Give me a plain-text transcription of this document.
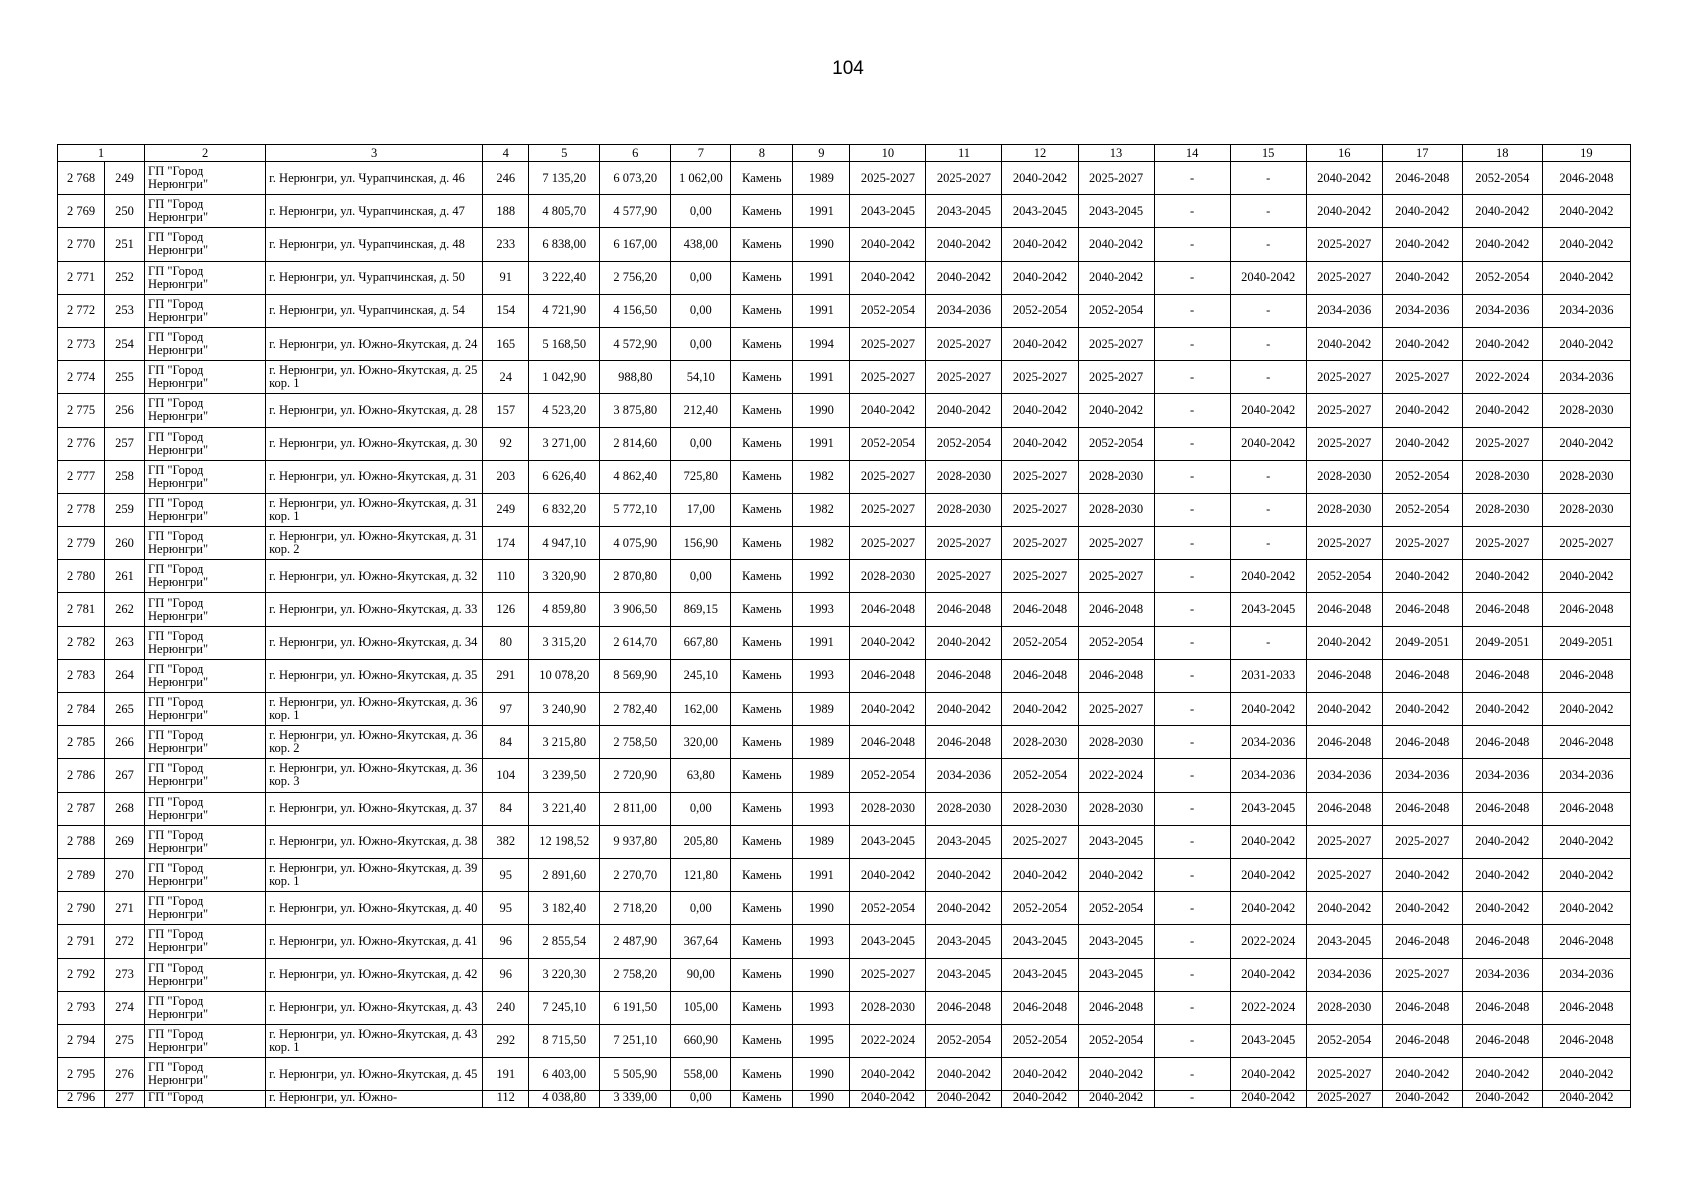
104
1		2	3	4	5	6	7	8	9	10	11	12	13	14	15	16	17	18	19
2 768	249	ГП "Город Нерюнгри"	г. Нерюнгри, ул. Чурапчинская, д. 46	246	7 135,20	6 073,20	1 062,00	Камень	1989	2025-2027	2025-2027	2040-2042	2025-2027	-	-	2040-2042	2046-2048	2052-2054	2046-2048
2 769	250	ГП "Город Нерюнгри"	г. Нерюнгри, ул. Чурапчинская, д. 47	188	4 805,70	4 577,90	0,00	Камень	1991	2043-2045	2043-2045	2043-2045	2043-2045	-	-	2040-2042	2040-2042	2040-2042	2040-2042
2 770	251	ГП "Город Нерюнгри"	г. Нерюнгри, ул. Чурапчинская, д. 48	233	6 838,00	6 167,00	438,00	Камень	1990	2040-2042	2040-2042	2040-2042	2040-2042	-	-	2025-2027	2040-2042	2040-2042	2040-2042
2 771	252	ГП "Город Нерюнгри"	г. Нерюнгри, ул. Чурапчинская, д. 50	91	3 222,40	2 756,20	0,00	Камень	1991	2040-2042	2040-2042	2040-2042	2040-2042	-	2040-2042	2025-2027	2040-2042	2052-2054	2040-2042
2 772	253	ГП "Город Нерюнгри"	г. Нерюнгри, ул. Чурапчинская, д. 54	154	4 721,90	4 156,50	0,00	Камень	1991	2052-2054	2034-2036	2052-2054	2052-2054	-	-	2034-2036	2034-2036	2034-2036	2034-2036
2 773	254	ГП "Город Нерюнгри"	г. Нерюнгри, ул. Южно-Якутская, д. 24	165	5 168,50	4 572,90	0,00	Камень	1994	2025-2027	2025-2027	2040-2042	2025-2027	-	-	2040-2042	2040-2042	2040-2042	2040-2042
2 774	255	ГП "Город Нерюнгри"	г. Нерюнгри, ул. Южно-Якутская, д. 25 кор. 1	24	1 042,90	988,80	54,10	Камень	1991	2025-2027	2025-2027	2025-2027	2025-2027	-	-	2025-2027	2025-2027	2022-2024	2034-2036
2 775	256	ГП "Город Нерюнгри"	г. Нерюнгри, ул. Южно-Якутская, д. 28	157	4 523,20	3 875,80	212,40	Камень	1990	2040-2042	2040-2042	2040-2042	2040-2042	-	2040-2042	2025-2027	2040-2042	2040-2042	2028-2030
2 776	257	ГП "Город Нерюнгри"	г. Нерюнгри, ул. Южно-Якутская, д. 30	92	3 271,00	2 814,60	0,00	Камень	1991	2052-2054	2052-2054	2040-2042	2052-2054	-	2040-2042	2025-2027	2040-2042	2025-2027	2040-2042
2 777	258	ГП "Город Нерюнгри"	г. Нерюнгри, ул. Южно-Якутская, д. 31	203	6 626,40	4 862,40	725,80	Камень	1982	2025-2027	2028-2030	2025-2027	2028-2030	-	-	2028-2030	2052-2054	2028-2030	2028-2030
2 778	259	ГП "Город Нерюнгри"	г. Нерюнгри, ул. Южно-Якутская, д. 31 кор. 1	249	6 832,20	5 772,10	17,00	Камень	1982	2025-2027	2028-2030	2025-2027	2028-2030	-	-	2028-2030	2052-2054	2028-2030	2028-2030
2 779	260	ГП "Город Нерюнгри"	г. Нерюнгри, ул. Южно-Якутская, д. 31 кор. 2	174	4 947,10	4 075,90	156,90	Камень	1982	2025-2027	2025-2027	2025-2027	2025-2027	-	-	2025-2027	2025-2027	2025-2027	2025-2027
2 780	261	ГП "Город Нерюнгри"	г. Нерюнгри, ул. Южно-Якутская, д. 32	110	3 320,90	2 870,80	0,00	Камень	1992	2028-2030	2025-2027	2025-2027	2025-2027	-	2040-2042	2052-2054	2040-2042	2040-2042	2040-2042
2 781	262	ГП "Город Нерюнгри"	г. Нерюнгри, ул. Южно-Якутская, д. 33	126	4 859,80	3 906,50	869,15	Камень	1993	2046-2048	2046-2048	2046-2048	2046-2048	-	2043-2045	2046-2048	2046-2048	2046-2048	2046-2048
2 782	263	ГП "Город Нерюнгри"	г. Нерюнгри, ул. Южно-Якутская, д. 34	80	3 315,20	2 614,70	667,80	Камень	1991	2040-2042	2040-2042	2052-2054	2052-2054	-	-	2040-2042	2049-2051	2049-2051	2049-2051
2 783	264	ГП "Город Нерюнгри"	г. Нерюнгри, ул. Южно-Якутская, д. 35	291	10 078,20	8 569,90	245,10	Камень	1993	2046-2048	2046-2048	2046-2048	2046-2048	-	2031-2033	2046-2048	2046-2048	2046-2048	2046-2048
2 784	265	ГП "Город Нерюнгри"	г. Нерюнгри, ул. Южно-Якутская, д. 36 кор. 1	97	3 240,90	2 782,40	162,00	Камень	1989	2040-2042	2040-2042	2040-2042	2025-2027	-	2040-2042	2040-2042	2040-2042	2040-2042	2040-2042
2 785	266	ГП "Город Нерюнгри"	г. Нерюнгри, ул. Южно-Якутская, д. 36 кор. 2	84	3 215,80	2 758,50	320,00	Камень	1989	2046-2048	2046-2048	2028-2030	2028-2030	-	2034-2036	2046-2048	2046-2048	2046-2048	2046-2048
2 786	267	ГП "Город Нерюнгри"	г. Нерюнгри, ул. Южно-Якутская, д. 36 кор. 3	104	3 239,50	2 720,90	63,80	Камень	1989	2052-2054	2034-2036	2052-2054	2022-2024	-	2034-2036	2034-2036	2034-2036	2034-2036	2034-2036
2 787	268	ГП "Город Нерюнгри"	г. Нерюнгри, ул. Южно-Якутская, д. 37	84	3 221,40	2 811,00	0,00	Камень	1993	2028-2030	2028-2030	2028-2030	2028-2030	-	2043-2045	2046-2048	2046-2048	2046-2048	2046-2048
2 788	269	ГП "Город Нерюнгри"	г. Нерюнгри, ул. Южно-Якутская, д. 38	382	12 198,52	9 937,80	205,80	Камень	1989	2043-2045	2043-2045	2025-2027	2043-2045	-	2040-2042	2025-2027	2025-2027	2040-2042	2040-2042
2 789	270	ГП "Город Нерюнгри"	г. Нерюнгри, ул. Южно-Якутская, д. 39 кор. 1	95	2 891,60	2 270,70	121,80	Камень	1991	2040-2042	2040-2042	2040-2042	2040-2042	-	2040-2042	2025-2027	2040-2042	2040-2042	2040-2042
2 790	271	ГП "Город Нерюнгри"	г. Нерюнгри, ул. Южно-Якутская, д. 40	95	3 182,40	2 718,20	0,00	Камень	1990	2052-2054	2040-2042	2052-2054	2052-2054	-	2040-2042	2040-2042	2040-2042	2040-2042	2040-2042
2 791	272	ГП "Город Нерюнгри"	г. Нерюнгри, ул. Южно-Якутская, д. 41	96	2 855,54	2 487,90	367,64	Камень	1993	2043-2045	2043-2045	2043-2045	2043-2045	-	2022-2024	2043-2045	2046-2048	2046-2048	2046-2048
2 792	273	ГП "Город Нерюнгри"	г. Нерюнгри, ул. Южно-Якутская, д. 42	96	3 220,30	2 758,20	90,00	Камень	1990	2025-2027	2043-2045	2043-2045	2043-2045	-	2040-2042	2034-2036	2025-2027	2034-2036	2034-2036
2 793	274	ГП "Город Нерюнгри"	г. Нерюнгри, ул. Южно-Якутская, д. 43	240	7 245,10	6 191,50	105,00	Камень	1993	2028-2030	2046-2048	2046-2048	2046-2048	-	2022-2024	2028-2030	2046-2048	2046-2048	2046-2048
2 794	275	ГП "Город Нерюнгри"	г. Нерюнгри, ул. Южно-Якутская, д. 43 кор. 1	292	8 715,50	7 251,10	660,90	Камень	1995	2022-2024	2052-2054	2052-2054	2052-2054	-	2043-2045	2052-2054	2046-2048	2046-2048	2046-2048
2 795	276	ГП "Город Нерюнгри"	г. Нерюнгри, ул. Южно-Якутская, д. 45	191	6 403,00	5 505,90	558,00	Камень	1990	2040-2042	2040-2042	2040-2042	2040-2042	-	2040-2042	2025-2027	2040-2042	2040-2042	2040-2042
2 796	277	ГП "Город	г. Нерюнгри, ул. Южно-	112	4 038,80	3 339,00	0,00	Камень	1990	2040-2042	2040-2042	2040-2042	2040-2042	-	2040-2042	2025-2027	2040-2042	2040-2042	2040-2042
